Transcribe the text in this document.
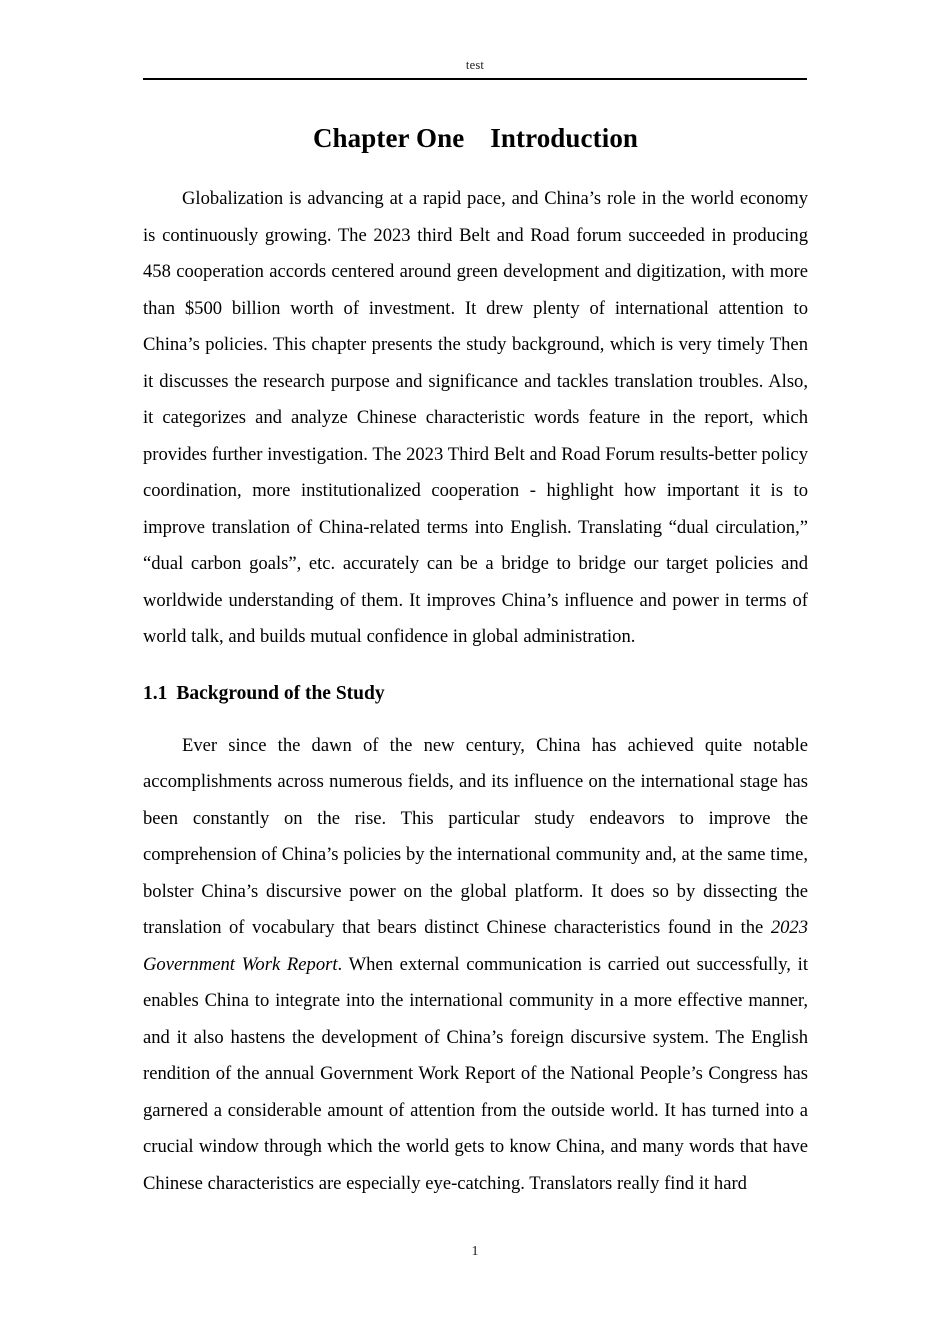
test
Chapter One Introduction

Globalization is advancing at a rapid pace, and China’s role in the world economy is continuously growing. The 2023 third Belt and Road forum succeeded in producing 458 cooperation accords centered around green development and digitization, with more than $500 billion worth of investment. It drew plenty of international attention to China’s policies. This chapter presents the study background, which is very timely Then it discusses the research purpose and significance and tackles translation troubles. Also, it categorizes and analyze Chinese characteristic words feature in the report, which provides further investigation. The 2023 Third Belt and Road Forum results-better policy coordination, more institutionalized cooperation - highlight how important it is to improve translation of China-related terms into English. Translating “dual circulation,” “dual carbon goals”, etc. accurately can be a bridge to bridge our target policies and worldwide understanding of them. It improves China’s influence and power in terms of world talk, and builds mutual confidence in global administration.

1.1 Background of the Study

Ever since the dawn of the new century, China has achieved quite notable accomplishments across numerous fields, and its influence on the international stage has been constantly on the rise. This particular study endeavors to improve the comprehension of China’s policies by the international community and, at the same time, bolster China’s discursive power on the global platform. It does so by dissecting the translation of vocabulary that bears distinct Chinese characteristics found in the 2023 Government Work Report. When external communication is carried out successfully, it enables China to integrate into the international community in a more effective manner, and it also hastens the development of China’s foreign discursive system. The English rendition of the annual Government Work Report of the National People’s Congress has garnered a considerable amount of attention from the outside world. It has turned into a crucial window through which the world gets to know China, and many words that have Chinese characteristics are especially eye-catching. Translators really find it hard

1
